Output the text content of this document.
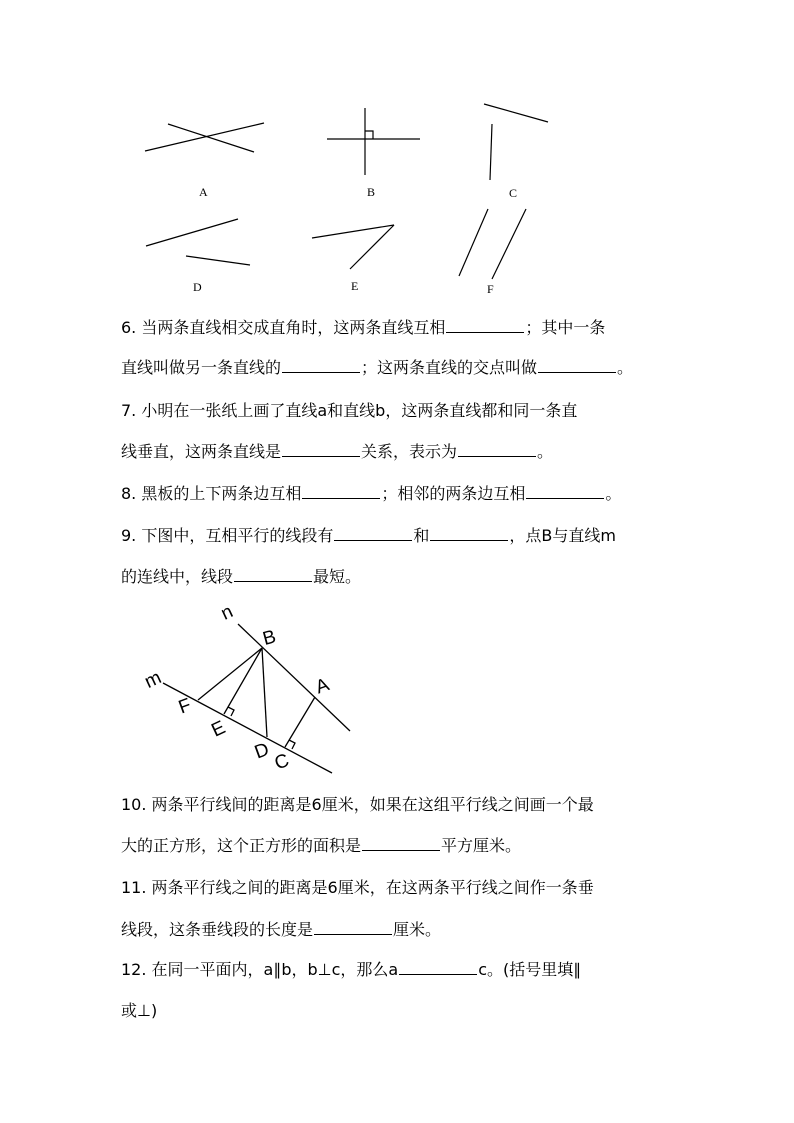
A	B	C
D	E	F
6. 当两条直线相交成直角时，这两条直线互相	；其中一条
直线叫做另一条直线的	；这两条直线的交点叫做	。
7. 小明在一张纸上画了直线a和直线b，这两条直线都和同一条直
线垂直，这两条直线是	关系，表示为	。
8. 黑板的上下两条边互相	；相邻的两条边互相	。
9. 下图中，互相平行的线段有	和	，点B与直线m
的连线中，线段	最短。
n
B
A
m
F
E
D C
10. 两条平行线间的距离是6厘米，如果在这组平行线之间画一个最
大的正方形，这个正方形的面积是	平方厘米。
11. 两条平行线之间的距离是6厘米，在这两条平行线之间作一条垂
线段，这条垂线段的长度是	厘米。
12. 在同一平面内，a∥b，b⊥c，那么a	c。(括号里填∥
或⊥)
